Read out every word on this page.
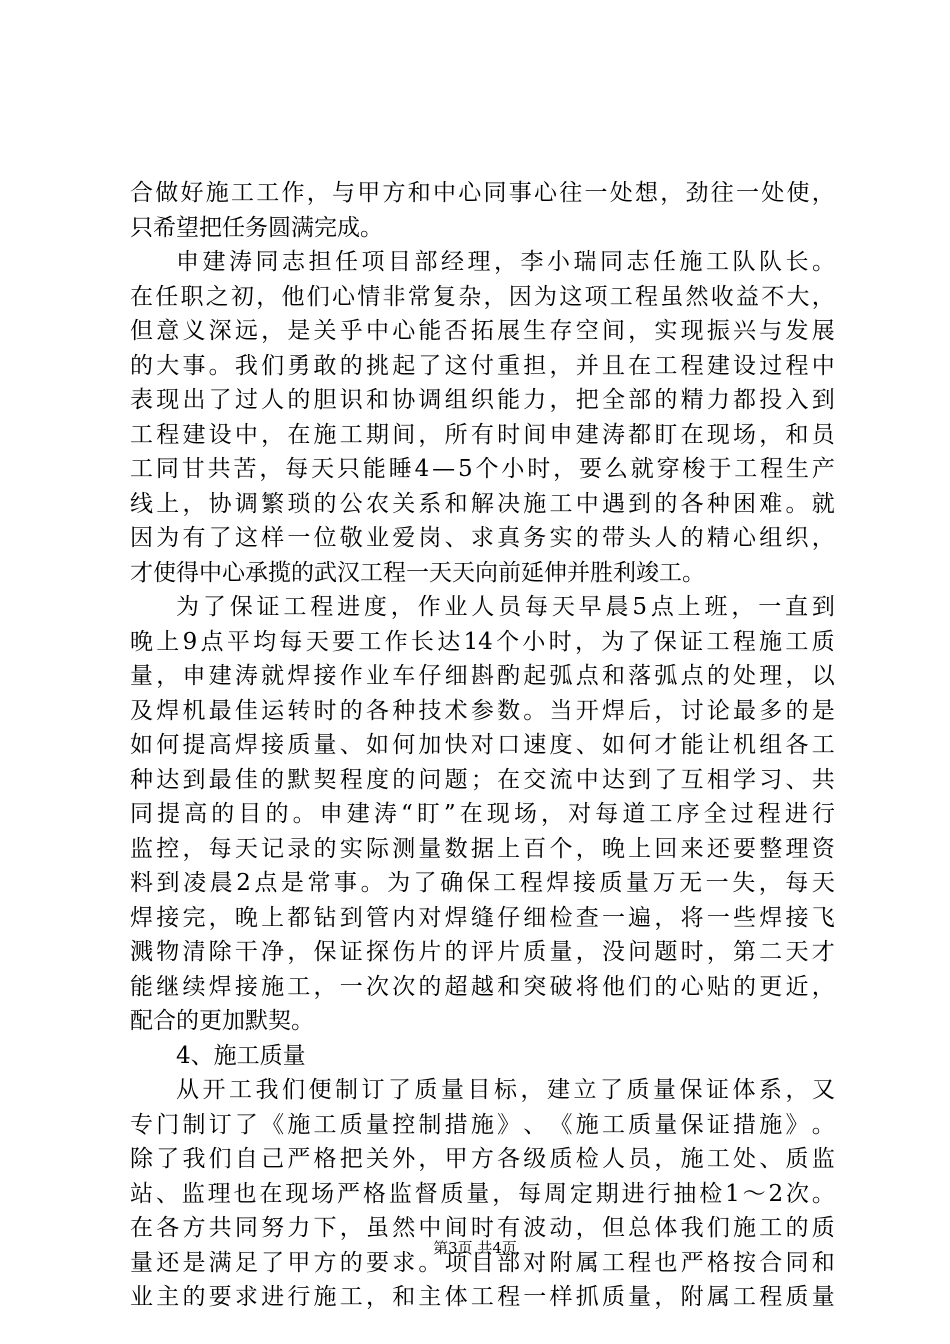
合 做 好 施 工 工 作 ， 与 甲 方 和 中 心 同 事 心 往 一 处 想 ， 劲 往 一 处 使 ，
只希望把任务圆满完成。
申 建 涛 同 志 担 任 项 目 部 经 理 ， 李 小 瑞 同 志 任 施 工 队 队 长 。
在 任 职 之 初 ， 他 们 心 情 非 常 复 杂 ， 因 为 这 项 工 程 虽 然 收 益 不 大 ，
但 意 义 深 远 ， 是 关 乎 中 心 能 否 拓 展 生 存 空 间 ， 实 现 振 兴 与 发 展
的 大 事 。 我 们 勇 敢 的 挑 起 了 这 付 重 担 ， 并 且 在 工 程 建 设 过 程 中
表 现 出 了 过 人 的 胆 识 和 协 调 组 织 能 力 ， 把 全 部 的 精 力 都 投 入 到
工 程 建 设 中 ， 在 施 工 期 间 ， 所 有 时 间 申 建 涛 都 盯 在 现 场 ， 和 员
工 同 甘 共 苦 ， 每 天 只 能 睡 4 — 5 个 小 时 ， 要 么 就 穿 梭 于 工 程 生 产
线 上 ， 协 调 繁 琐 的 公 农 关 系 和 解 决 施 工 中 遇 到 的 各 种 困 难 。 就
因 为 有 了 这 样 一 位 敬 业 爱 岗 、 求 真 务 实 的 带 头 人 的 精 心 组 织 ，
才使得中心承揽的武汉工程一天天向前延伸并胜利竣工。
为 了 保 证 工 程 进 度 ， 作 业 人 员 每 天 早 晨 5 点 上 班 ， 一 直 到
晚 上 9 点 平 均 每 天 要 工 作 长 达 14 个 小 时 ， 为 了 保 证 工 程 施 工 质
量 ， 申 建 涛 就 焊 接 作 业 车 仔 细 斟 酌 起 弧 点 和 落 弧 点 的 处 理 ， 以
及 焊 机 最 佳 运 转 时 的 各 种 技 术 参 数 。 当 开 焊 后 ， 讨 论 最 多 的 是
如 何 提 高 焊 接 质 量 、 如 何 加 快 对 口 速 度 、 如 何 才 能 让 机 组 各 工
种 达 到 最 佳 的 默 契 程 度 的 问 题 ； 在 交 流 中 达 到 了 互 相 学 习 、 共
同 提 高 的 目 的 。 申 建 涛 “ 盯 ” 在 现 场 ， 对 每 道 工 序 全 过 程 进 行
监 控 ， 每 天 记 录 的 实 际 测 量 数 据 上 百 个 ， 晚 上 回 来 还 要 整 理 资
料 到 凌 晨 2 点 是 常 事 。 为 了 确 保 工 程 焊 接 质 量 万 无 一 失 ， 每 天
焊 接 完 ， 晚 上 都 钻 到 管 内 对 焊 缝 仔 细 检 查 一 遍 ， 将 一 些 焊 接 飞
溅 物 清 除 干 净 ， 保 证 探 伤 片 的 评 片 质 量 ， 没 问 题 时 ， 第 二 天 才
能 继 续 焊 接 施 工 ， 一 次 次 的 超 越 和 突 破 将 他 们 的 心 贴 的 更 近 ，
配合的更加默契。
4、施工质量
从 开 工 我 们 便 制 订 了 质 量 目 标 ， 建 立 了 质 量 保 证 体 系 ， 又
专 门 制 订 了 《 施 工 质 量 控 制 措 施 》 、 《 施 工 质 量 保 证 措 施 》 。
除 了 我 们 自 己 严 格 把 关 外 ， 甲 方 各 级 质 检 人 员 ， 施 工 处 、 质 监
站 、 监 理 也 在 现 场 严 格 监 督 质 量 ， 每 周 定 期 进 行 抽 检 1 ～ 2 次 。
在 各 方 共 同 努 力 下 ， 虽 然 中 间 时 有 波 动 ， 但 总 体 我 们 施 工 的 质
量 还 是 满 足 了 甲 方 的 要 求 。 项 目 部 对 附 属 工 程 也 严 格 按 合 同 和
业 主 的 要 求 进 行 施 工 ， 和 主 体 工 程 一 样 抓 质 量 ， 附 属 工 程 质 量
第3页 共4页
